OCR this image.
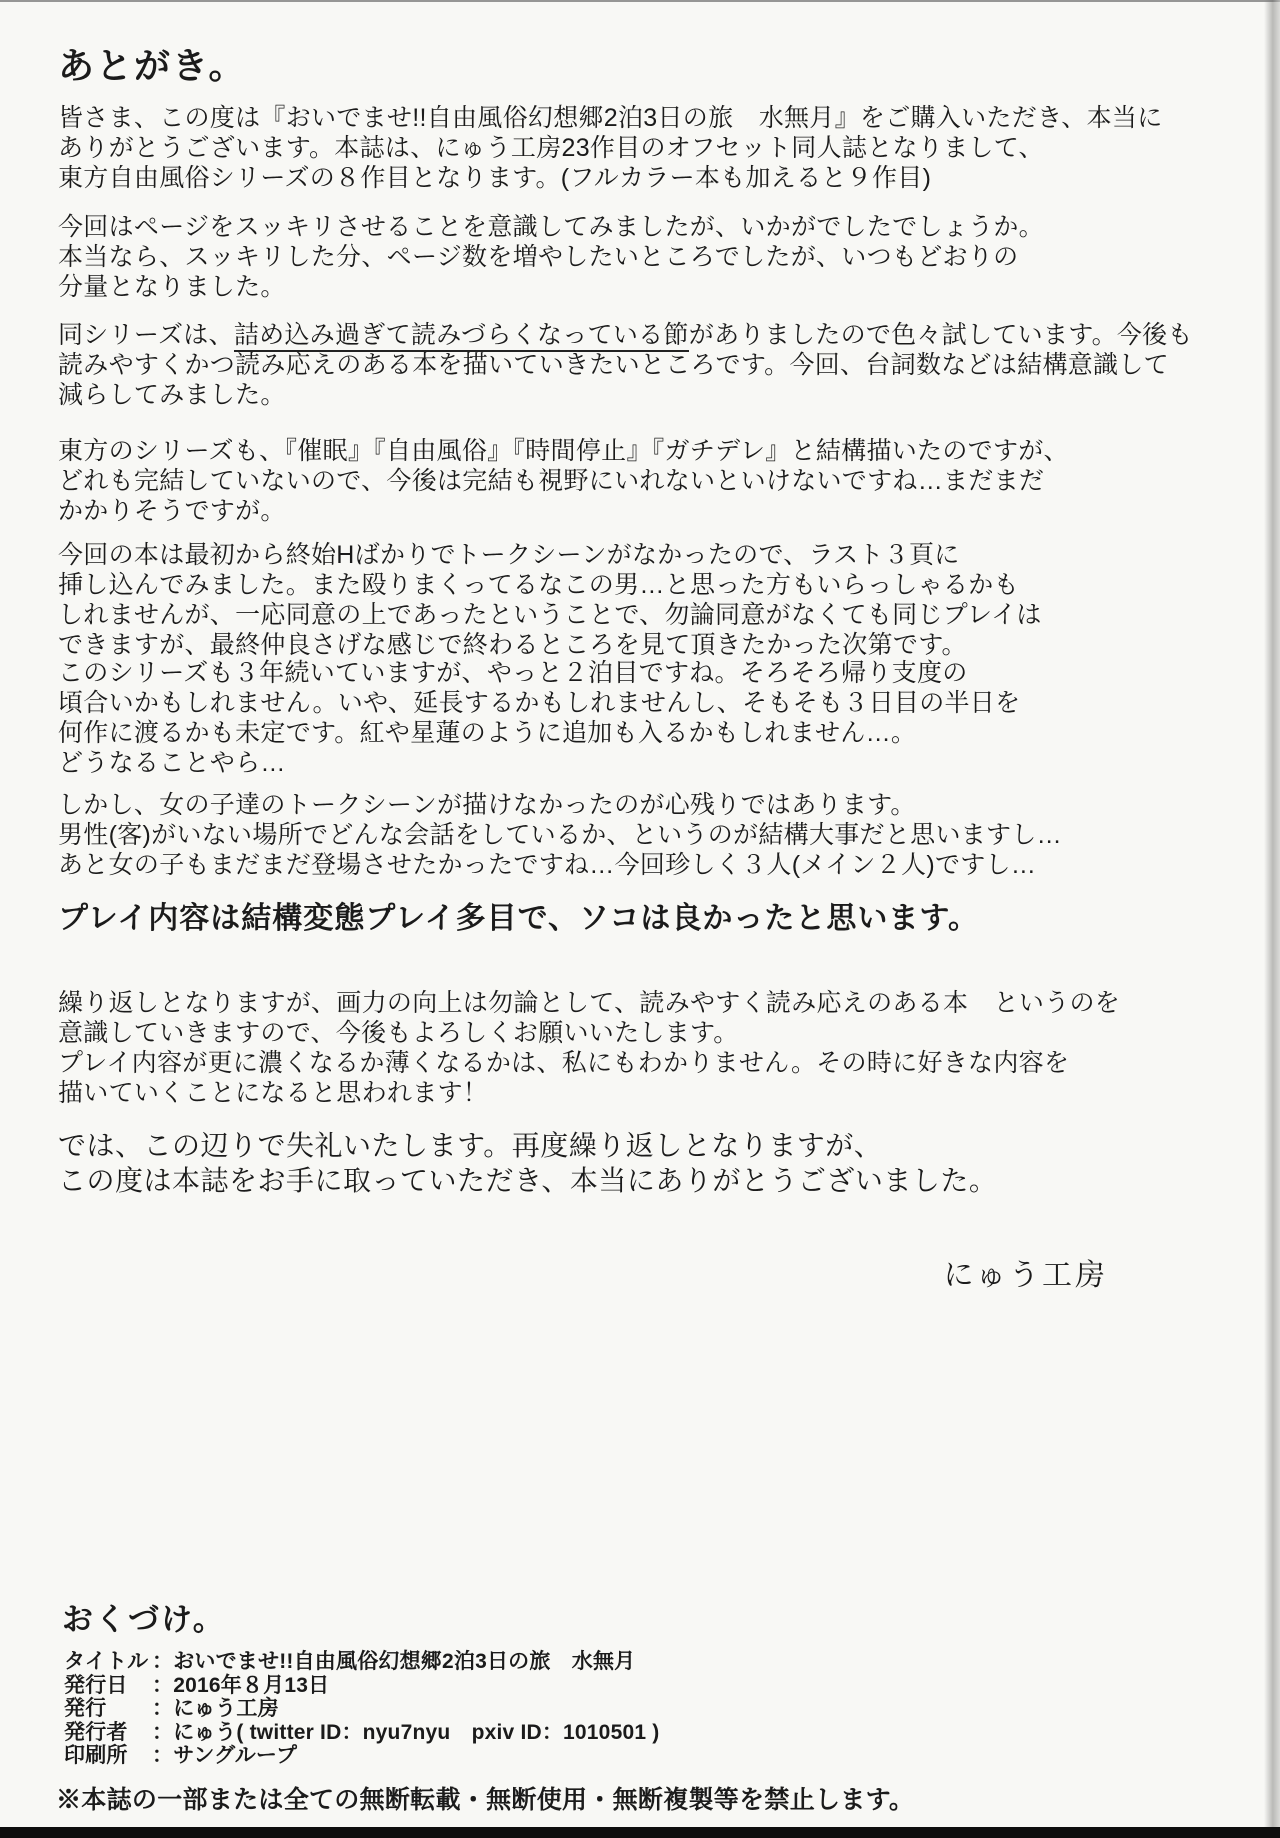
あとがき。
皆さま、この度は『おいでませ!!自由風俗幻想郷2泊3日の旅　水無月』をご購入いただき、本当に
ありがとうございます。本誌は、にゅう工房23作目のオフセット同人誌となりまして、
東方自由風俗シリーズの８作目となります。(フルカラー本も加えると９作目)
今回はページをスッキリさせることを意識してみましたが、いかがでしたでしょうか。
本当なら、スッキリした分、ページ数を増やしたいところでしたが、いつもどおりの
分量となりました。
同シリーズは、詰め込み過ぎて読みづらくなっている節がありましたので色々試しています。今後も
読みやすくかつ読み応えのある本を描いていきたいところです。今回、台詞数などは結構意識して
減らしてみました。
東方のシリーズも、『催眠』『自由風俗』『時間停止』『ガチデレ』と結構描いたのですが、
どれも完結していないので、今後は完結も視野にいれないといけないですね…まだまだ
かかりそうですが。
今回の本は最初から終始Hばかりでトークシーンがなかったので、ラスト３頁に
挿し込んでみました。また殴りまくってるなこの男…と思った方もいらっしゃるかも
しれませんが、一応同意の上であったということで、勿論同意がなくても同じプレイは
できますが、最終仲良さげな感じで終わるところを見て頂きたかった次第です。
このシリーズも３年続いていますが、やっと２泊目ですね。そろそろ帰り支度の
頃合いかもしれません。いや、延長するかもしれませんし、そもそも３日目の半日を
何作に渡るかも未定です。紅や星蓮のように追加も入るかもしれません…。
どうなることやら…
しかし、女の子達のトークシーンが描けなかったのが心残りではあります。
男性(客)がいない場所でどんな会話をしているか、というのが結構大事だと思いますし…
あと女の子もまだまだ登場させたかったですね…今回珍しく３人(メイン２人)ですし…
プレイ内容は結構変態プレイ多目で、ソコは良かったと思います。
繰り返しとなりますが、画力の向上は勿論として、読みやすく読み応えのある本　というのを
意識していきますので、今後もよろしくお願いいたします。
プレイ内容が更に濃くなるか薄くなるかは、私にもわかりません。その時に好きな内容を
描いていくことになると思われます！
では、この辺りで失礼いたします。再度繰り返しとなりますが、
この度は本誌をお手に取っていただき、本当にありがとうございました。
にゅう工房
おくづけ。
タイトル ： おいでませ!!自由風俗幻想郷2泊3日の旅　水無月
発行日	： 2016年８月13日
発行	： にゅう工房
発行者	： にゅう( twitter ID：nyu7nyu　pxiv ID：1010501 )
印刷所	： サングループ
※本誌の一部または全ての無断転載・無断使用・無断複製等を禁止します。
